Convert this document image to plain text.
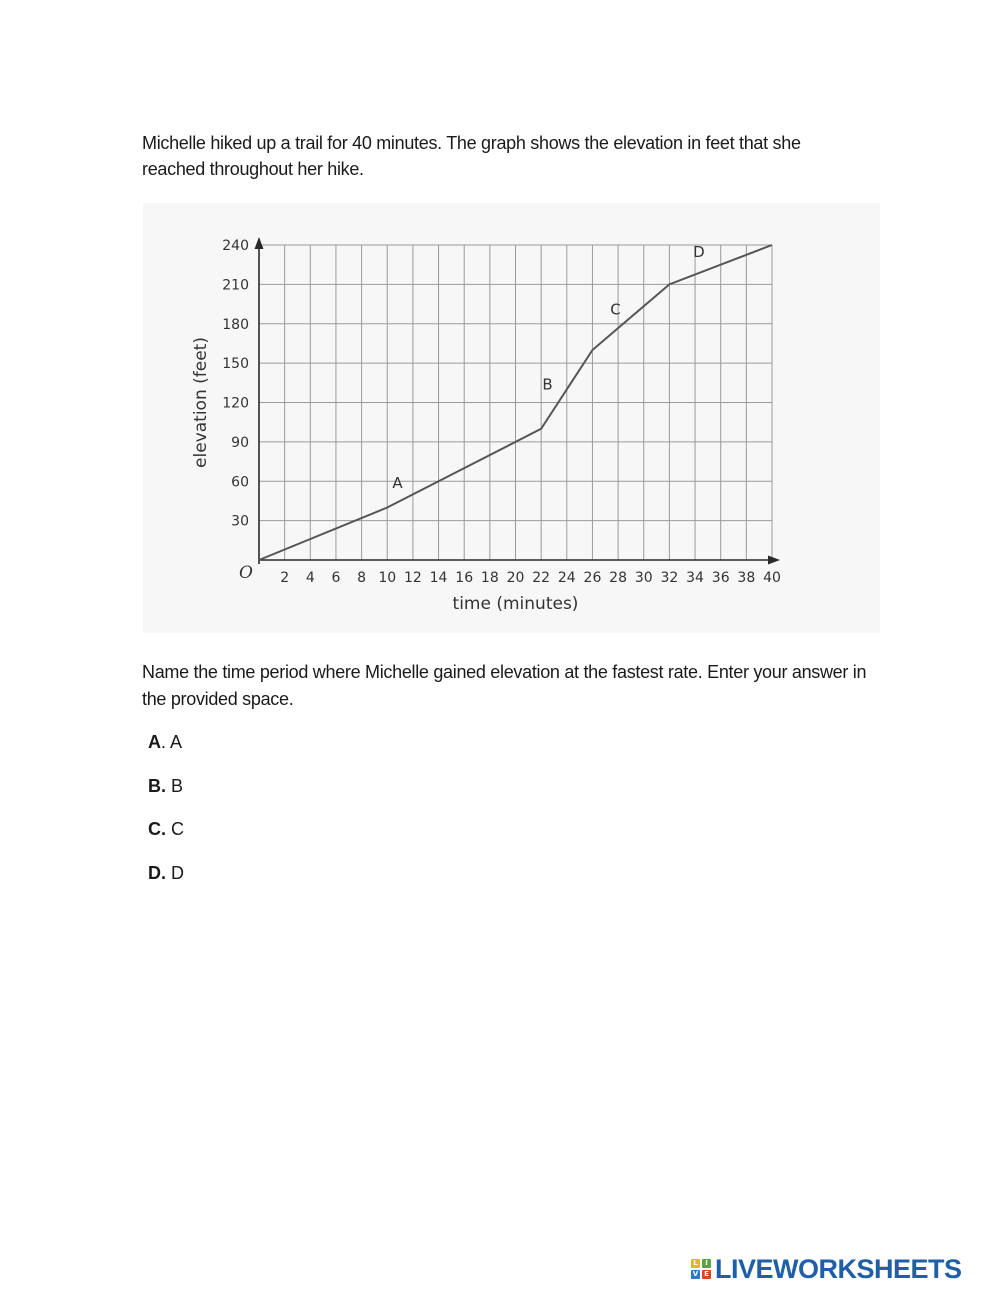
Michelle hiked up a trail for 40 minutes. The graph shows the elevation in feet that she reached throughout her hike.
2 4 6 8 10 12 14 16 18 20 22 24 26 28 30 32 34 36 38 40
30
60
90
120
150
180
210
240
O
time (minutes)
elevation (feet)
A
B
C
D
Name the time period where Michelle gained elevation at the fastest rate. Enter your answer in the provided space.
A. A
B. B
C. C
D. D
L	I
V E LIVEWORKSHEETS
